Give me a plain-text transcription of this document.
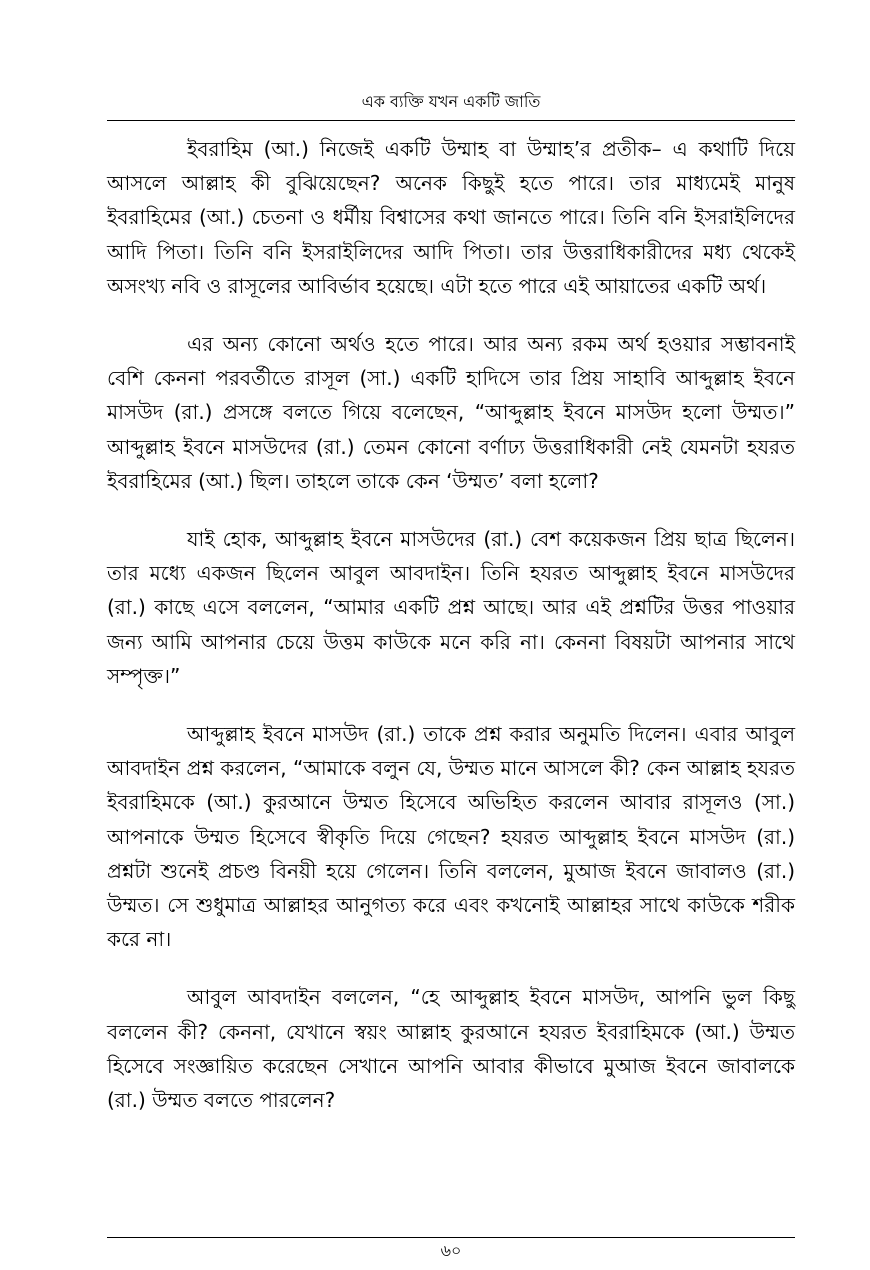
এক ব্যক্তি যখন একটি জাতি

ইবরাহিম (আ.) নিজেই একটি উম্মাহ বা উম্মাহ’র প্রতীক– এ কথাটি দিয়ে আসলে আল্লাহ কী বুঝিয়েছেন? অনেক কিছুই হতে পারে। তার মাধ্যমেই মানুষ ইবরাহিমের (আ.) চেতনা ও ধর্মীয় বিশ্বাসের কথা জানতে পারে। তিনি বনি ইসরাইলিদের আদি পিতা। তিনি বনি ইসরাইলিদের আদি পিতা। তার উত্তরাধিকারীদের মধ্য থেকেই অসংখ্য নবি ও রাসূলের আবির্ভাব হয়েছে। এটা হতে পারে এই আয়াতের একটি অর্থ।

এর অন্য কোনো অর্থও হতে পারে। আর অন্য রকম অর্থ হওয়ার সম্ভাবনাই বেশি কেননা পরবর্তীতে রাসূল (সা.) একটি হাদিসে তার প্রিয় সাহাবি আব্দুল্লাহ ইবনে মাসউদ (রা.) প্রসঙ্গে বলতে গিয়ে বলেছেন, “আব্দুল্লাহ ইবনে মাসউদ হলো উম্মত।” আব্দুল্লাহ ইবনে মাসউদের (রা.) তেমন কোনো বর্ণাঢ্য উত্তরাধিকারী নেই যেমনটা হযরত ইবরাহিমের (আ.) ছিল। তাহলে তাকে কেন ‘উম্মত’ বলা হলো?

যাই হোক, আব্দুল্লাহ ইবনে মাসউদের (রা.) বেশ কয়েকজন প্রিয় ছাত্র ছিলেন। তার মধ্যে একজন ছিলেন আবুল আবদাইন। তিনি হযরত আব্দুল্লাহ ইবনে মাসউদের (রা.) কাছে এসে বললেন, “আমার একটি প্রশ্ন আছে। আর এই প্রশ্নটির উত্তর পাওয়ার জন্য আমি আপনার চেয়ে উত্তম কাউকে মনে করি না। কেননা বিষয়টা আপনার সাথে সম্পৃক্ত।”

আব্দুল্লাহ ইবনে মাসউদ (রা.) তাকে প্রশ্ন করার অনুমতি দিলেন। এবার আবুল আবদাইন প্রশ্ন করলেন, “আমাকে বলুন যে, উম্মত মানে আসলে কী? কেন আল্লাহ হযরত ইবরাহিমকে (আ.) কুরআনে উম্মত হিসেবে অভিহিত করলেন আবার রাসূলও (সা.) আপনাকে উম্মত হিসেবে স্বীকৃতি দিয়ে গেছেন? হযরত আব্দুল্লাহ ইবনে মাসউদ (রা.) প্রশ্নটা শুনেই প্রচণ্ড বিনয়ী হয়ে গেলেন। তিনি বললেন, মুআজ ইবনে জাবালও (রা.) উম্মত। সে শুধুমাত্র আল্লাহর আনুগত্য করে এবং কখনোই আল্লাহর সাথে কাউকে শরীক করে না।

আবুল আবদাইন বললেন, “হে আব্দুল্লাহ ইবনে মাসউদ, আপনি ভুল কিছু বললেন কী? কেননা, যেখানে স্বয়ং আল্লাহ কুরআনে হযরত ইবরাহিমকে (আ.) উম্মত হিসেবে সংজ্ঞায়িত করেছেন সেখানে আপনি আবার কীভাবে মুআজ ইবনে জাবালকে (রা.) উম্মত বলতে পারলেন?

৬০
